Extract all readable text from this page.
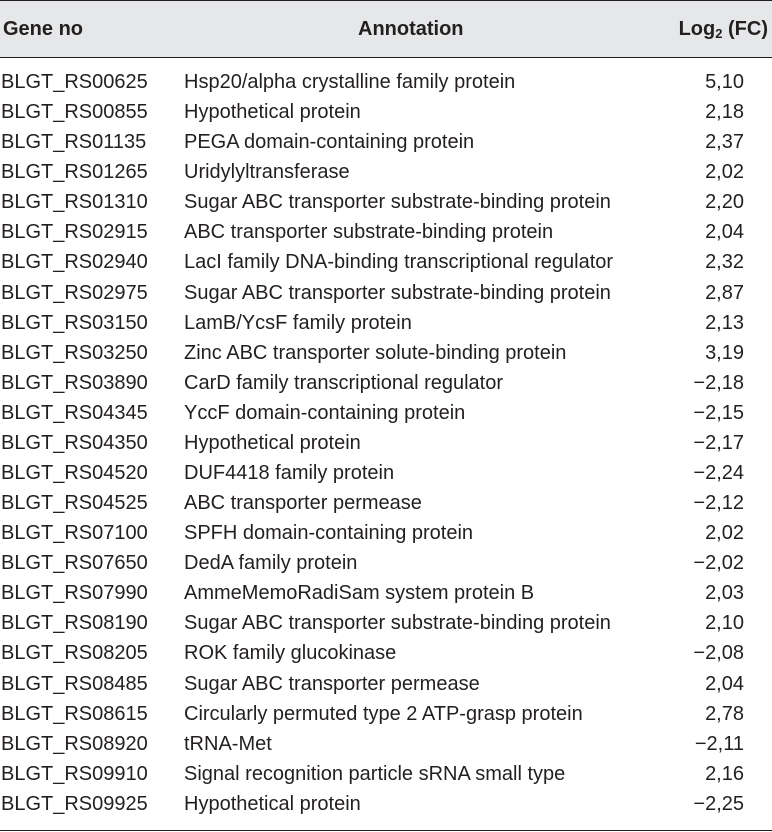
Gene no	Annotation	Log$_2$ (FC)
BLGT_RS00625 Hsp20/alpha crystalline family protein	5,10
BLGT_RS00855 Hypothetical protein	2,18
BLGT_RS01135 PEGA domain-containing protein	2,37
BLGT_RS01265 Uridylyltransferase	2,02
BLGT_RS01310 Sugar ABC transporter substrate-binding protein	2,20
BLGT_RS02915 ABC transporter substrate-binding protein	2,04
BLGT_RS02940 LacI family DNA-binding transcriptional regulator	2,32
BLGT_RS02975 Sugar ABC transporter substrate-binding protein	2,87
BLGT_RS03150 LamB/YcsF family protein	2,13
BLGT_RS03250 Zinc ABC transporter solute-binding protein	3,19
BLGT_RS03890 CarD family transcriptional regulator	−2,18
BLGT_RS04345 YccF domain-containing protein	−2,15
BLGT_RS04350 Hypothetical protein	−2,17
BLGT_RS04520 DUF4418 family protein	−2,24
BLGT_RS04525 ABC transporter permease	−2,12
BLGT_RS07100 SPFH domain-containing protein	2,02
BLGT_RS07650 DedA family protein	−2,02
BLGT_RS07990 AmmeMemoRadiSam system protein B	2,03
BLGT_RS08190 Sugar ABC transporter substrate-binding protein	2,10
BLGT_RS08205 ROK family glucokinase	−2,08
BLGT_RS08485 Sugar ABC transporter permease	2,04
BLGT_RS08615 Circularly permuted type 2 ATP-grasp protein	2,78
BLGT_RS08920 tRNA-Met	−2,11
BLGT_RS09910 Signal recognition particle sRNA small type	2,16
BLGT_RS09925 Hypothetical protein	−2,25
